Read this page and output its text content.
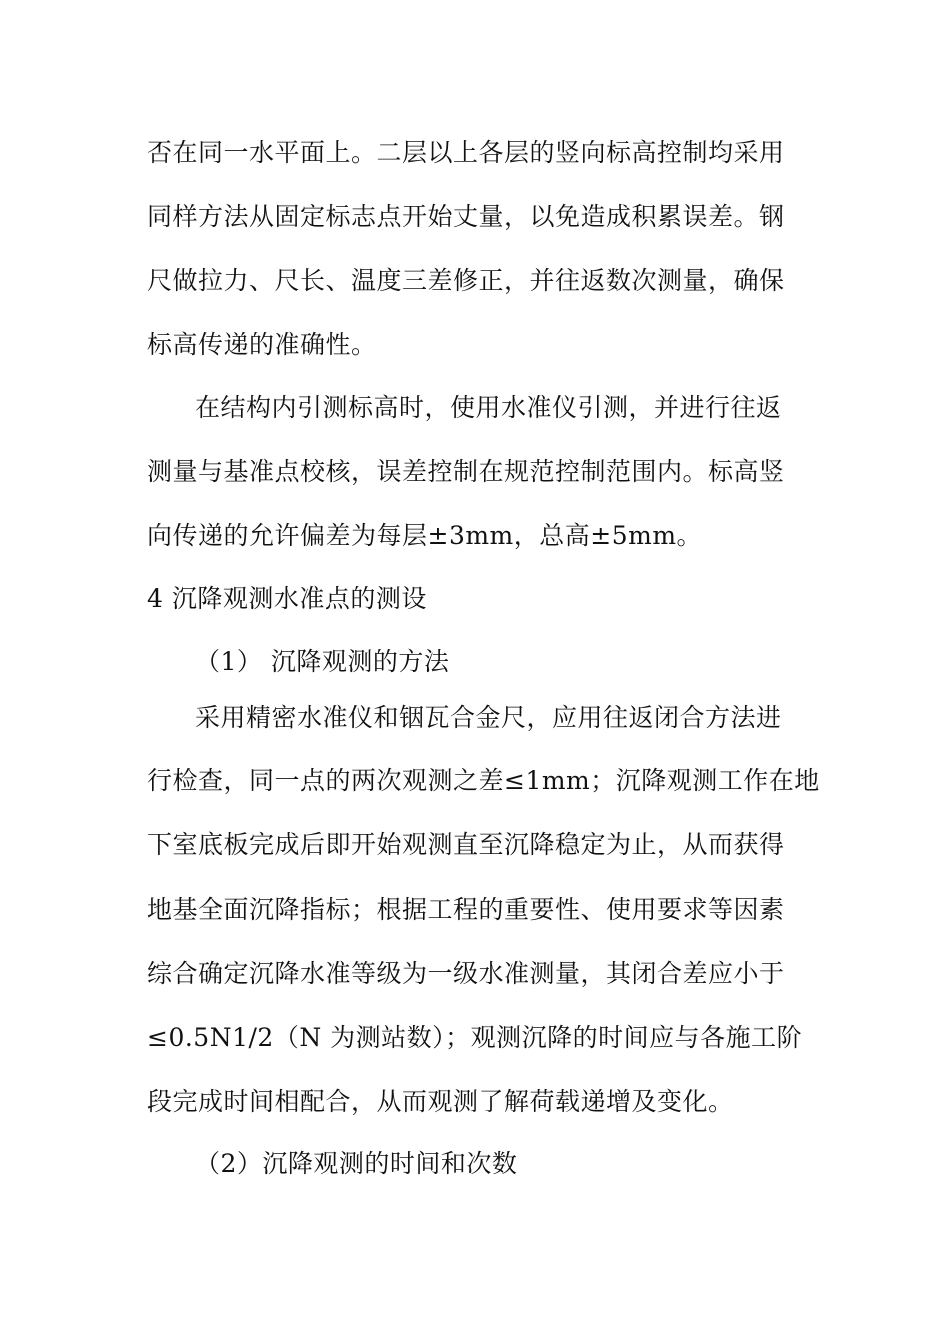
否在同一水平面上。二层以上各层的竖向标高控制均采用
同样方法从固定标志点开始丈量，以免造成积累误差。钢
尺做拉力、尺长、温度三差修正，并往返数次测量，确保
标高传递的准确性。
在结构内引测标高时，使用水准仪引测，并进行往返
测量与基准点校核，误差控制在规范控制范围内。标高竖
向传递的允许偏差为每层±3mm，总高±5mm。
4 沉降观测水准点的测设
（1） 沉降观测的方法
采用精密水准仪和铟瓦合金尺，应用往返闭合方法进
行检查，同一点的两次观测之差≤1mm；沉降观测工作在地
下室底板完成后即开始观测直至沉降稳定为止，从而获得
地基全面沉降指标；根据工程的重要性、使用要求等因素
综合确定沉降水准等级为一级水准测量，其闭合差应小于
≤0.5N1/2（N 为测站数）；观测沉降的时间应与各施工阶
段完成时间相配合，从而观测了解荷载递增及变化。
（2）沉降观测的时间和次数
